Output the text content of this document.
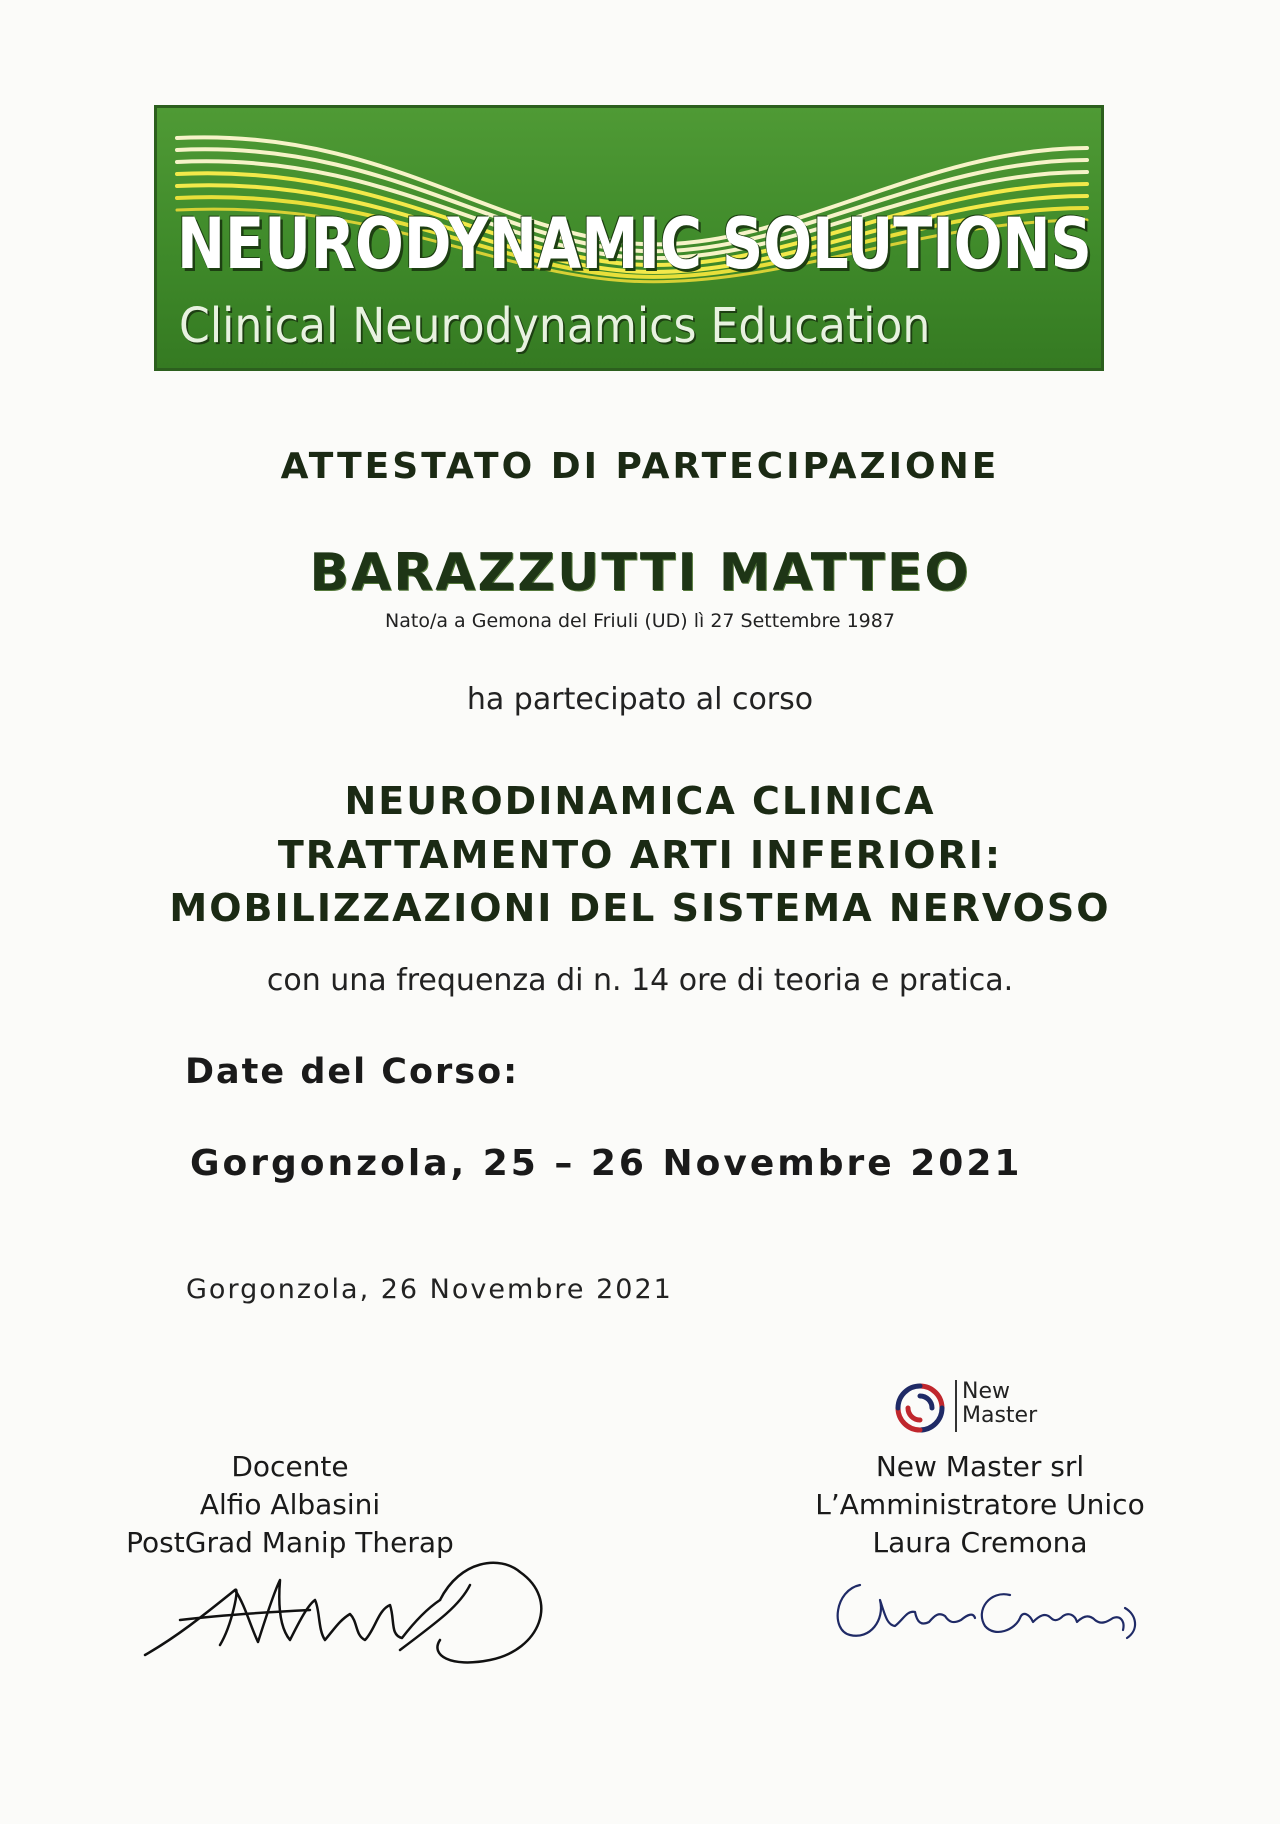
NEURODYNAMIC SOLUTIONS
Clinical Neurodynamics Education
ATTESTATO DI PARTECIPAZIONE
BARAZZUTTI MATTEO
Nato/a a Gemona del Friuli (UD) lì 27 Settembre 1987
ha partecipato al corso
NEURODINAMICA CLINICA
TRATTAMENTO ARTI INFERIORI:
MOBILIZZAZIONI DEL SISTEMA NERVOSO
con una frequenza di n. 14 ore di teoria e pratica.
Date del Corso:
Gorgonzola, 25 – 26 Novembre 2021
Gorgonzola, 26 Novembre 2021
Docente
Alfio Albasini
PostGrad Manip Therap
New
Master
New Master srl
L’Amministratore Unico
Laura Cremona
